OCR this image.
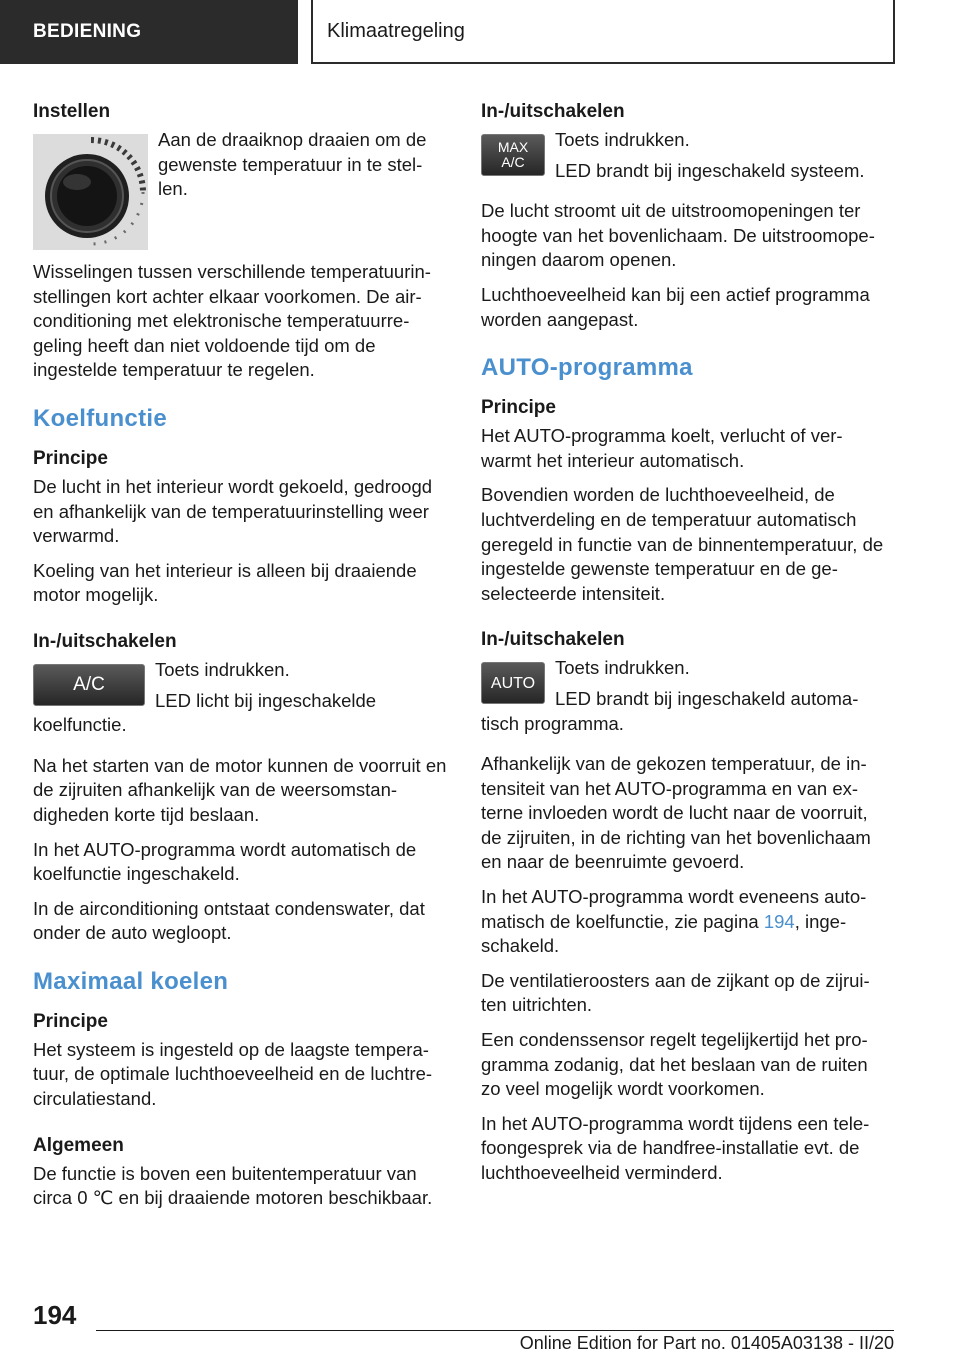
BEDIENING	Klimaatregeling
Instellen

Aan de draaiknop draaien om de gewenste temperatuur in te stel-len.

Wisselingen tussen verschillende temperatuurin-stellingen kort achter elkaar voorkomen. De air-conditioning met elektronische temperatuurre-geling heeft dan niet voldoende tijd om de ingestelde temperatuur te regelen.

Koelfunctie
Principe

De lucht in het interieur wordt gekoeld, gedroogd en afhankelijk van de temperatuurinstelling weer verwarmd.

Koeling van het interieur is alleen bij draaiende motor mogelijk.

In-/uitschakelen
A/C

Toets indrukken.

LED licht bij ingeschakelde koelfunctie.

Na het starten van de motor kunnen de voorruit en de zijruiten afhankelijk van de weersomstan-digheden korte tijd beslaan.

In het AUTO-programma wordt automatisch de koelfunctie ingeschakeld.

In de airconditioning ontstaat condenswater, dat onder de auto wegloopt.

Maximaal koelen
Principe

Het systeem is ingesteld op de laagste tempera-tuur, de optimale luchthoeveelheid en de luchtre-circulatiestand.

Algemeen

De functie is boven een buitentemperatuur van circa 0 ℃ en bij draaiende motoren beschikbaar.

In-/uitschakelen
MAX
A/C

Toets indrukken.

LED brandt bij ingeschakeld systeem.

De lucht stroomt uit de uitstroomopeningen ter hoogte van het bovenlichaam. De uitstroomope-ningen daarom openen.

Luchthoeveelheid kan bij een actief programma worden aangepast.

AUTO-programma
Principe

Het AUTO-programma koelt, verlucht of ver-warmt het interieur automatisch.

Bovendien worden de luchthoeveelheid, de luchtverdeling en de temperatuur automatisch geregeld in functie van de binnentemperatuur, de ingestelde gewenste temperatuur en de ge-selecteerde intensiteit.

In-/uitschakelen
AUTO

Toets indrukken.

LED brandt bij ingeschakeld automa-tisch programma.

Afhankelijk van de gekozen temperatuur, de in-tensiteit van het AUTO-programma en van ex-terne invloeden wordt de lucht naar de voorruit, de zijruiten, in de richting van het bovenlichaam en naar de beenruimte gevoerd.

In het AUTO-programma wordt eveneens auto-matisch de koelfunctie, zie pagina 194, inge-schakeld.

De ventilatieroosters aan de zijkant op de zijrui-ten uitrichten.

Een condenssensor regelt tegelijkertijd het pro-gramma zodanig, dat het beslaan van de ruiten zo veel mogelijk wordt voorkomen.

In het AUTO-programma wordt tijdens een tele-foongesprek via de handfree-installatie evt. de luchthoeveelheid verminderd.

194
Online Edition for Part no. 01405A03138 - II/20
